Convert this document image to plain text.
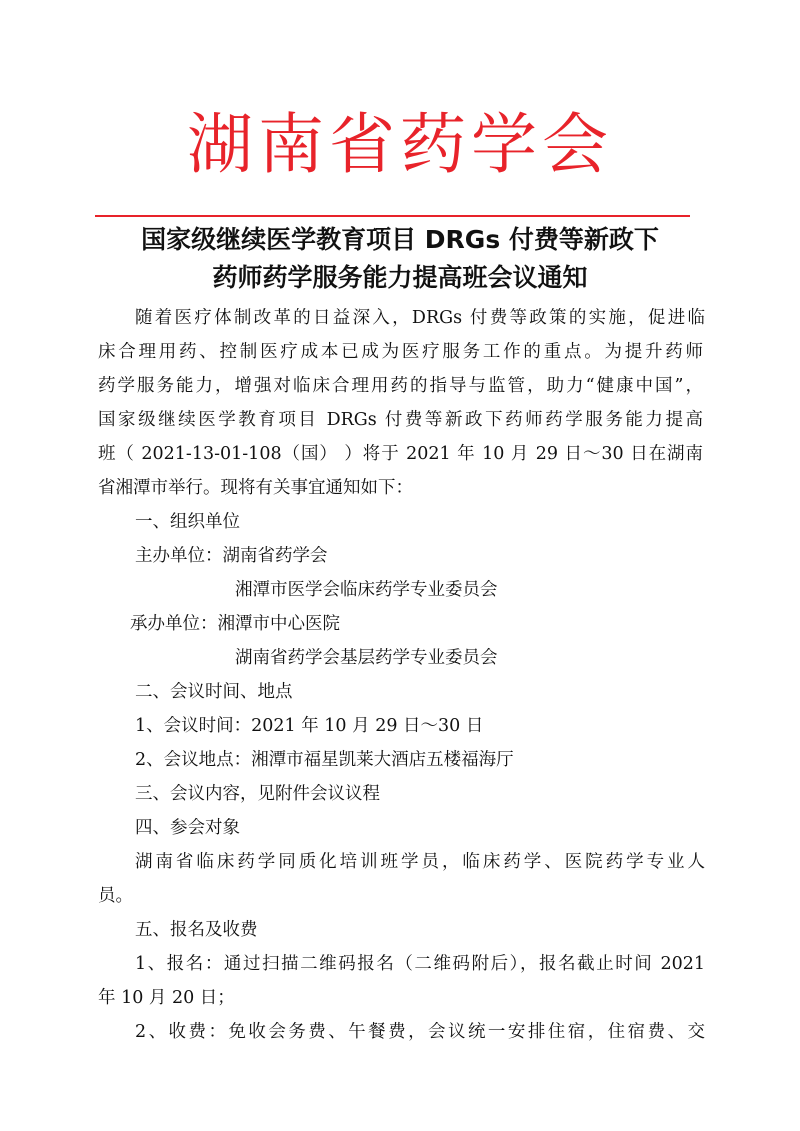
湖南省药学会
国家级继续医学教育项目 DRGs 付费等新政下
药师药学服务能力提高班会议通知

随着医疗体制改革的日益深入，DRGs 付费等政策的实施，促进临

床合理用药、控制医疗成本已成为医疗服务工作的重点。为提升药师

药学服务能力，增强对临床合理用药的指导与监管，助力“健康中国”，

国家级继续医学教育项目 DRGs 付费等新政下药师药学服务能力提高

班（ 2021-13-01-108（国） ）将于 2021 年 10 月 29 日～30 日在湖南

省湘潭市举行。现将有关事宜通知如下：

一、组织单位

主办单位：湖南省药学会

湘潭市医学会临床药学专业委员会

承办单位：湘潭市中心医院

湖南省药学会基层药学专业委员会

二、会议时间、地点

1、会议时间：2021 年 10 月 29 日～30 日

2、会议地点：湘潭市福星凯莱大酒店五楼福海厅

三、会议内容，见附件会议议程

四、参会对象

湖南省临床药学同质化培训班学员，临床药学、医院药学专业人

员。

五、报名及收费

1、报名：通过扫描二维码报名（二维码附后），报名截止时间 2021

年 10 月 20 日；

2、收费：免收会务费、午餐费，会议统一安排住宿，住宿费、交
